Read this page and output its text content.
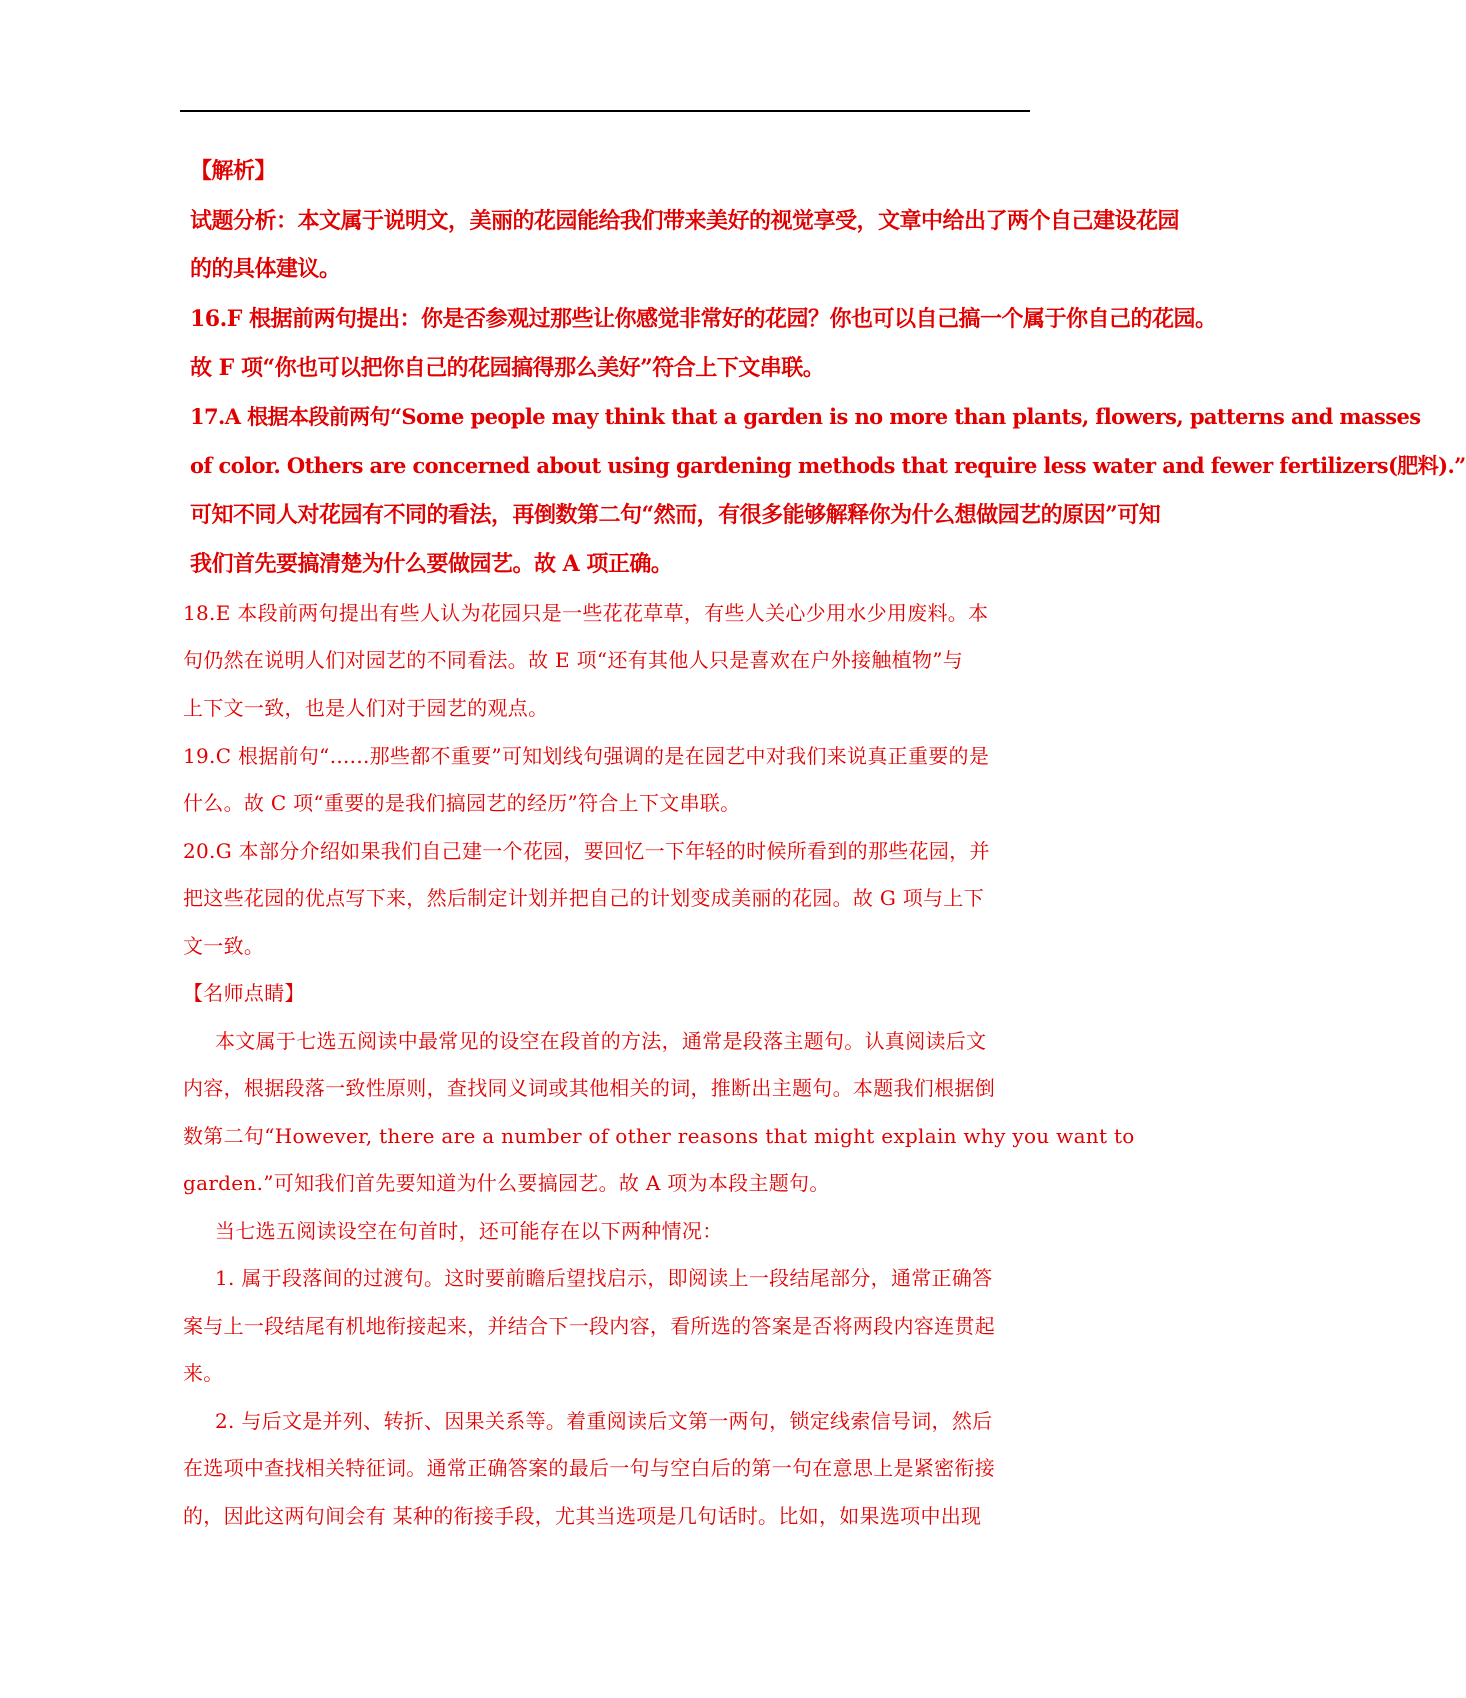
【解析】
试题分析：本文属于说明文，美丽的花园能给我们带来美好的视觉享受，文章中给出了两个自己建设花园
的的具体建议。
16.F 根据前两句提出：你是否参观过那些让你感觉非常好的花园？你也可以自己搞一个属于你自己的花园。
故 F 项“你也可以把你自己的花园搞得那么美好”符合上下文串联。
17.A 根据本段前两句“Some people may think that a garden is no more than plants, flowers, patterns and masses
of color. Others are concerned about using gardening methods that require less water and fewer fertilizers(肥料).”
可知不同人对花园有不同的看法，再倒数第二句“然而，有很多能够解释你为什么想做园艺的原因”可知
我们首先要搞清楚为什么要做园艺。故 A 项正确。
18.E 本段前两句提出有些人认为花园只是一些花花草草，有些人关心少用水少用废料。本
句仍然在说明人们对园艺的不同看法。故 E 项“还有其他人只是喜欢在户外接触植物”与
上下文一致，也是人们对于园艺的观点。
19.C 根据前句“......那些都不重要”可知划线句强调的是在园艺中对我们来说真正重要的是
什么。故 C 项“重要的是我们搞园艺的经历”符合上下文串联。
20.G 本部分介绍如果我们自己建一个花园，要回忆一下年轻的时候所看到的那些花园，并
把这些花园的优点写下来，然后制定计划并把自己的计划变成美丽的花园。故 G 项与上下
文一致。
【名师点睛】
本文属于七选五阅读中最常见的设空在段首的方法，通常是段落主题句。认真阅读后文
内容，根据段落一致性原则，查找同义词或其他相关的词，推断出主题句。本题我们根据倒
数第二句“However, there are a number of other reasons that might explain why you want to
garden.”可知我们首先要知道为什么要搞园艺。故 A 项为本段主题句。
当七选五阅读设空在句首时，还可能存在以下两种情况：
1. 属于段落间的过渡句。这时要前瞻后望找启示，即阅读上一段结尾部分，通常正确答
案与上一段结尾有机地衔接起来，并结合下一段内容，看所选的答案是否将两段内容连贯起
来。
2. 与后文是并列、转折、因果关系等。着重阅读后文第一两句，锁定线索信号词，然后
在选项中查找相关特征词。通常正确答案的最后一句与空白后的第一句在意思上是紧密衔接
的，因此这两句间会有 某种的衔接手段，尤其当选项是几句话时。比如，如果选项中出现
